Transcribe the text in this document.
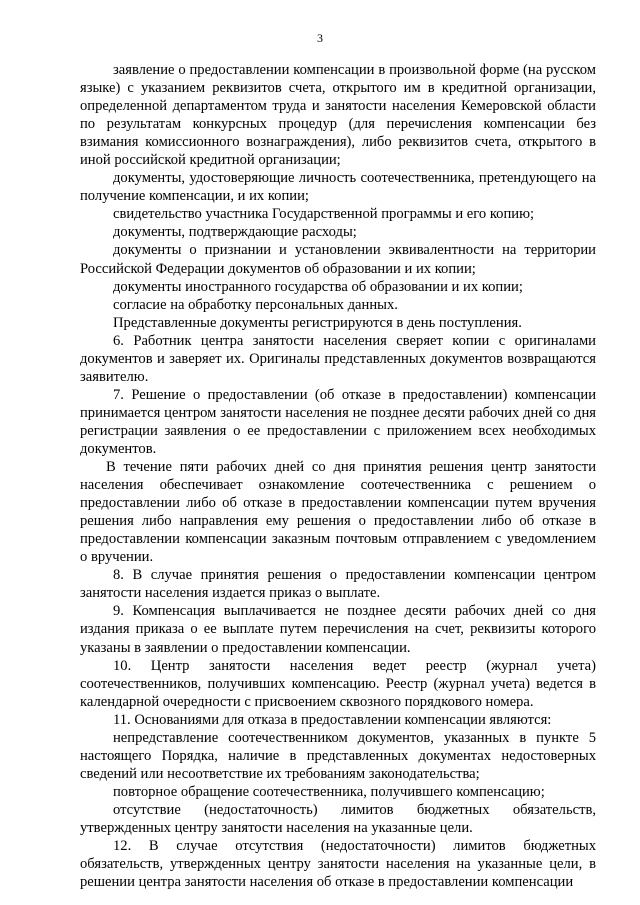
3

заявление о предоставлении компенсации в произвольной форме (на русском языке) с указанием реквизитов счета, открытого им в кредитной организации, определенной департаментом труда и занятости населения Кемеровской области по результатам конкурсных процедур (для перечисления компенсации без взимания комиссионного вознаграждения), либо реквизитов счета, открытого в иной российской кредитной организации;

документы, удостоверяющие личность соотечественника, претендующего на получение компенсации, и их копии;

свидетельство участника Государственной программы и его копию;

документы, подтверждающие расходы;

документы о признании и установлении эквивалентности на территории Российской Федерации документов об образовании и их копии;

документы иностранного государства об образовании и их копии;

согласие на обработку персональных данных.

Представленные документы регистрируются в день поступления.

6. Работник центра занятости населения сверяет копии с оригиналами документов и заверяет их. Оригиналы представленных документов возвращаются заявителю.

7. Решение о предоставлении (об отказе в предоставлении) компенсации принимается центром занятости населения не позднее десяти рабочих дней со дня регистрации заявления о ее предоставлении с приложением всех необходимых документов.

В течение пяти рабочих дней со дня принятия решения центр занятости населения обеспечивает ознакомление соотечественника с решением о предоставлении либо об отказе в предоставлении компенсации путем вручения решения либо направления ему решения о предоставлении либо об отказе в предоставлении компенсации заказным почтовым отправлением с уведомлением о вручении.

8. В случае принятия решения о предоставлении компенсации центром занятости населения издается приказ о выплате.

9. Компенсация выплачивается не позднее десяти рабочих дней со дня издания приказа о ее выплате путем перечисления на счет, реквизиты которого указаны в заявлении о предоставлении компенсации.

10. Центр занятости населения ведет реестр (журнал учета) соотечественников, получивших компенсацию. Реестр (журнал учета) ведется в календарной очередности с присвоением сквозного порядкового номера.

11. Основаниями для отказа в предоставлении компенсации являются:

непредставление соотечественником документов, указанных в пункте 5 настоящего Порядка, наличие в представленных документах недостоверных сведений или несоответствие их требованиям законодательства;

повторное обращение соотечественника, получившего компенсацию;

отсутствие (недостаточность) лимитов бюджетных обязательств, утвержденных центру занятости населения на указанные цели.

12. В случае отсутствия (недостаточности) лимитов бюджетных обязательств, утвержденных центру занятости населения на указанные цели, в решении центра занятости населения об отказе в предоставлении компенсации
